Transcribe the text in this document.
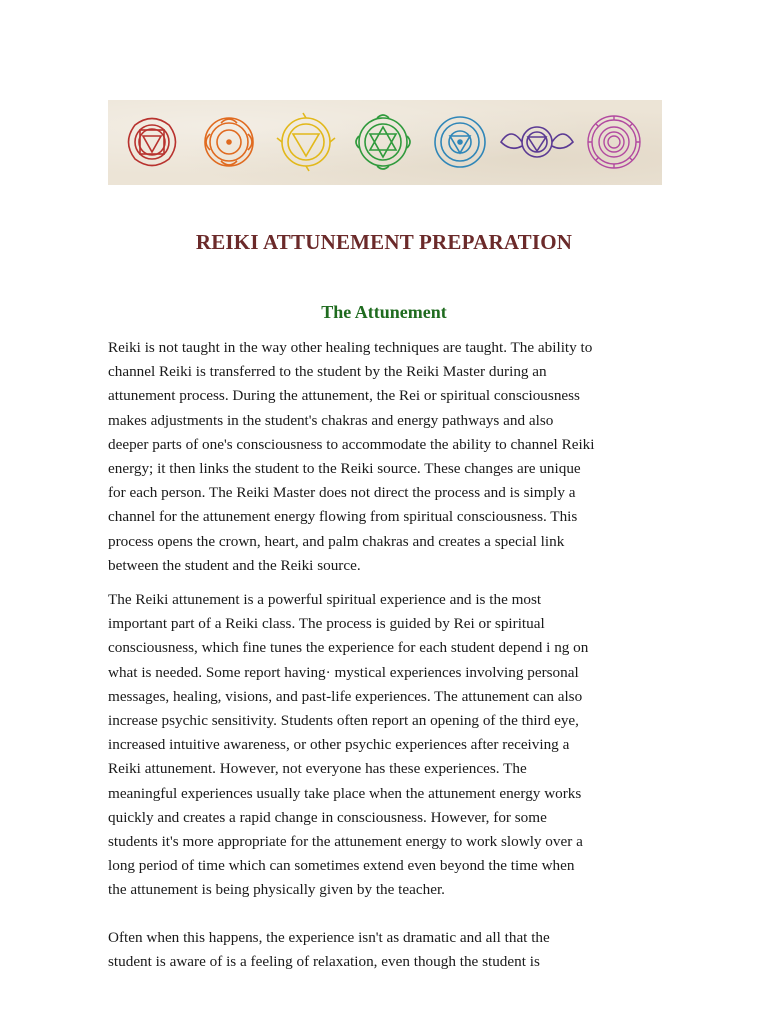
REIKI ATTUNEMENT PREPARATION
The Attunement

Reiki is not taught in the way other healing techniques are taught. The ability to
channel Reiki is transferred to the student by the Reiki Master during an
attunement process. During the attunement, the Rei or spiritual consciousness
makes adjustments in the student's chakras and energy pathways and also
deeper parts of one's consciousness to accommodate the ability to channel Reiki
energy; it then links the student to the Reiki source. These changes are unique
for each person. The Reiki Master does not direct the process and is simply a
channel for the attunement energy flowing from spiritual consciousness. This
process opens the crown, heart, and palm chakras and creates a special link
between the student and the Reiki source.

The Reiki attunement is a powerful spiritual experience and is the most
important part of a Reiki class. The process is guided by Rei or spiritual
consciousness, which fine tunes the experience for each student depend i ng on
what is needed. Some report having· mystical experiences involving personal
messages, healing, visions, and past-life experiences. The attunement can also
increase psychic sensitivity. Students often report an opening of the third eye,
increased intuitive awareness, or other psychic experiences after receiving a
Reiki attunement. However, not everyone has these experiences. The
meaningful experiences usually take place when the attunement energy works
quickly and creates a rapid change in consciousness. However, for some
students it's more appropriate for the attunement energy to work slowly over a
long period of time which can sometimes extend even beyond the time when
the attunement is being physically given by the teacher.

Often when this happens, the experience isn't as dramatic and all that the
student is aware of is a feeling of relaxation, even though the student is
